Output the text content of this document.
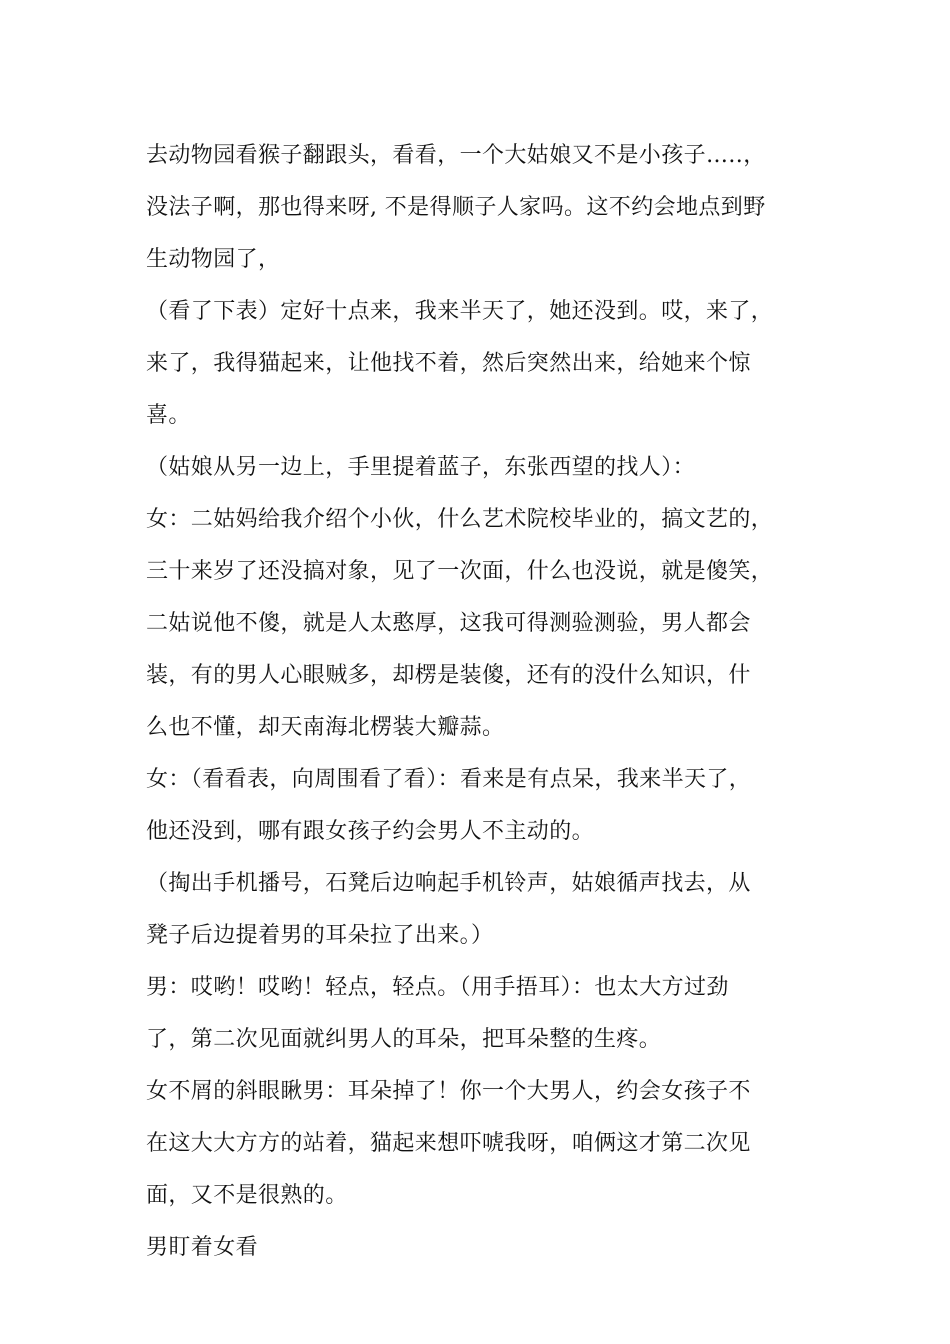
去动物园看猴子翻跟头，看看，一个大姑娘又不是小孩子…..，
没法子啊，那也得来呀, 不是得顺子人家吗。这不约会地点到野
生动物园了，
（看了下表）定好十点来，我来半天了，她还没到。哎，来了，
来了，我得猫起来，让他找不着，然后突然出来，给她来个惊
喜。
（姑娘从另一边上，手里提着蓝子，东张西望的找人）：
女：二姑妈给我介绍个小伙，什么艺术院校毕业的，搞文艺的，
三十来岁了还没搞对象，见了一次面，什么也没说，就是傻笑，
二姑说他不傻，就是人太憨厚，这我可得测验测验，男人都会
装，有的男人心眼贼多，却楞是装傻，还有的没什么知识，什
么也不懂，却天南海北楞装大瓣蒜。
女：（看看表，向周围看了看）：看来是有点呆，我来半天了，
他还没到，哪有跟女孩子约会男人不主动的。
（掏出手机播号，石凳后边响起手机铃声，姑娘循声找去，从
凳子后边提着男的耳朵拉了出来。）
男：哎哟！哎哟！轻点，轻点。（用手捂耳）：也太大方过劲
了，第二次见面就纠男人的耳朵，把耳朵整的生疼。
女不屑的斜眼瞅男：耳朵掉了！你一个大男人，约会女孩子不
在这大大方方的站着，猫起来想吓唬我呀，咱俩这才第二次见
面，又不是很熟的。
男盯着女看
